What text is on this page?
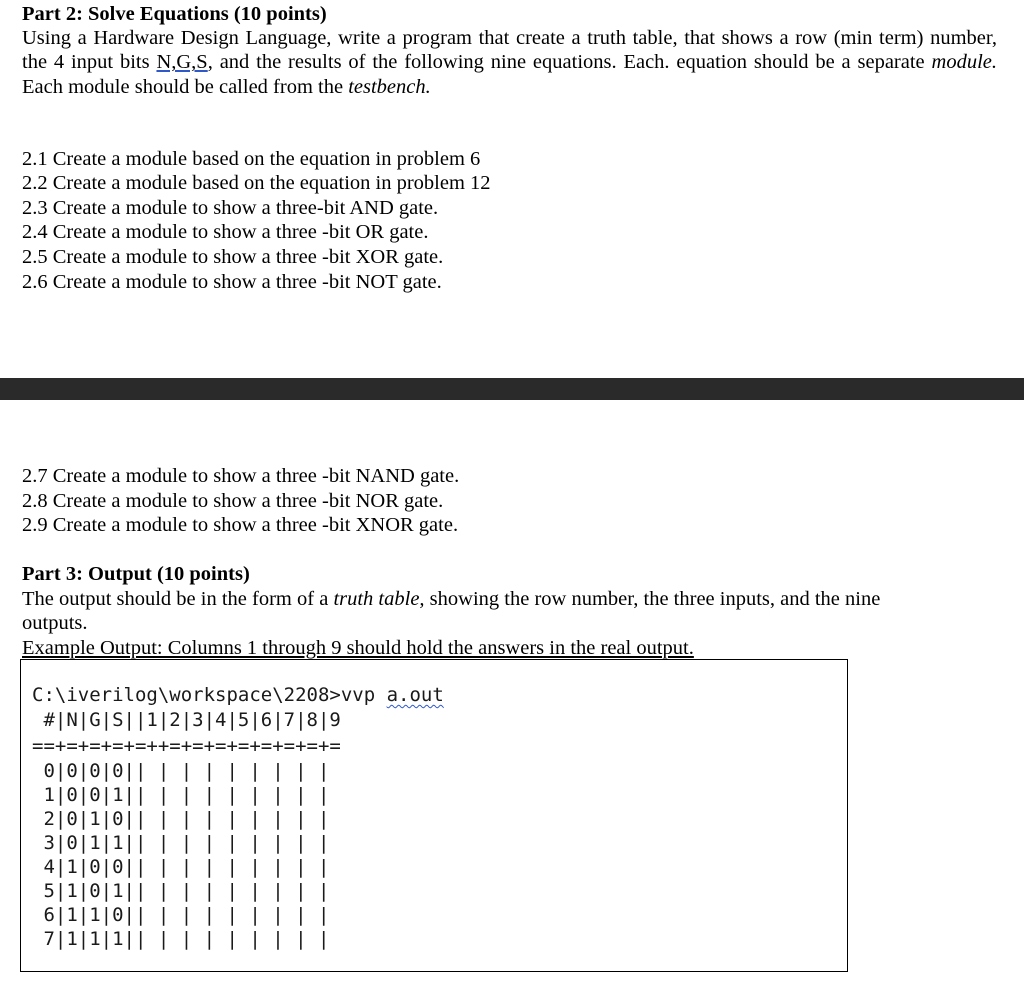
Part 2: Solve Equations (10 points)
Using a Hardware Design Language, write a program that create a truth table, that shows a row (min term) number, the 4 input bits N,G,S, and the results of the following nine equations. Each. equation should be a separate module. Each module should be called from the testbench.
2.1 Create a module based on the equation in problem 6
2.2 Create a module based on the equation in problem 12
2.3 Create a module to show a three-bit AND gate.
2.4 Create a module to show a three -bit OR gate.
2.5 Create a module to show a three -bit XOR gate.
2.6 Create a module to show a three -bit NOT gate.
2.7 Create a module to show a three -bit NAND gate.
2.8 Create a module to show a three -bit NOR gate.
2.9 Create a module to show a three -bit XNOR gate.
Part 3: Output (10 points)
The output should be in the form of a truth table, showing the row number, the three inputs, and the nine outputs.
Example Output: Columns 1 through 9 should hold the answers in the real output.
C:\iverilog\workspace\2208>vvp a.out
#|N|G|S||1|2|3|4|5|6|7|8|9
==+=+=+=+=++=+=+=+=+=+=+=+=
0|0|0|0|| | | | | | | | |
1|0|0|1|| | | | | | | | |
2|0|1|0|| | | | | | | | |
3|0|1|1|| | | | | | | | |
4|1|0|0|| | | | | | | | |
5|1|0|1|| | | | | | | | |
6|1|1|0|| | | | | | | | |
7|1|1|1|| | | | | | | | |
